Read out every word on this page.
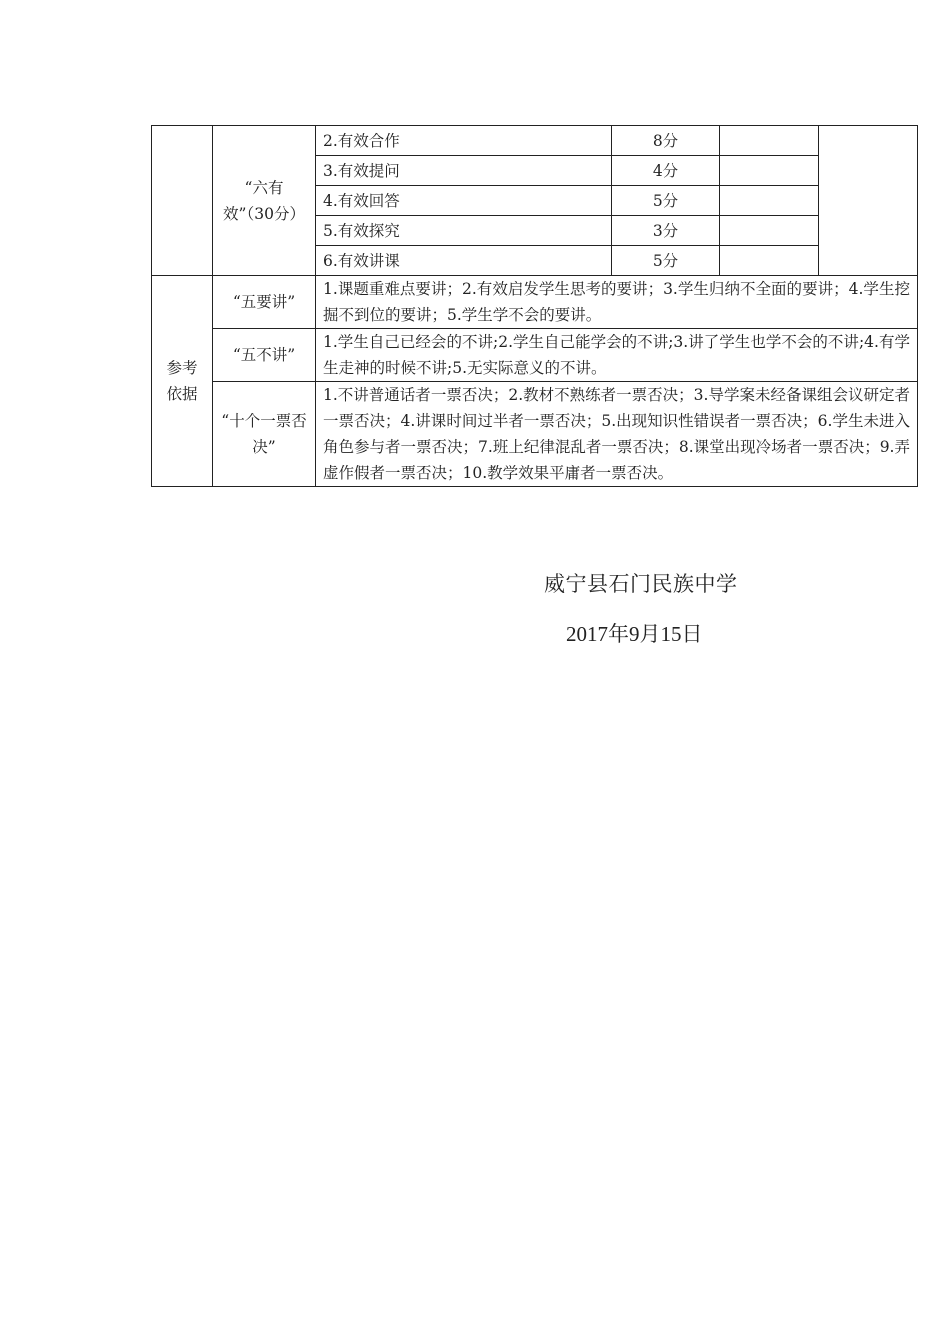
	“六有效”（30分）	2.有效合作	8分		
		3.有效提问	4分		
		4.有效回答	5分		
		5.有效探究	3分		
		6.有效讲课	5分		
参考依据	“五要讲”	1.课题重难点要讲；2.有效启发学生思考的要讲；3.学生归纳不全面的要讲；4.学生挖掘不到位的要讲；5.学生学不会的要讲。			
	“五不讲”	1.学生自己已经会的不讲;2.学生自己能学会的不讲;3.讲了学生也学不会的不讲;4.有学生走神的时候不讲;5.无实际意义的不讲。			
	“十个一票否决”	1.不讲普通话者一票否决；2.教材不熟练者一票否决；3.导学案未经备课组会议研定者一票否决；4.讲课时间过半者一票否决；5.出现知识性错误者一票否决；6.学生未进入角色参与者一票否决；7.班上纪律混乱者一票否决；8.课堂出现冷场者一票否决；9.弄虚作假者一票否决；10.教学效果平庸者一票否决。			
威宁县石门民族中学
2017年9月15日
